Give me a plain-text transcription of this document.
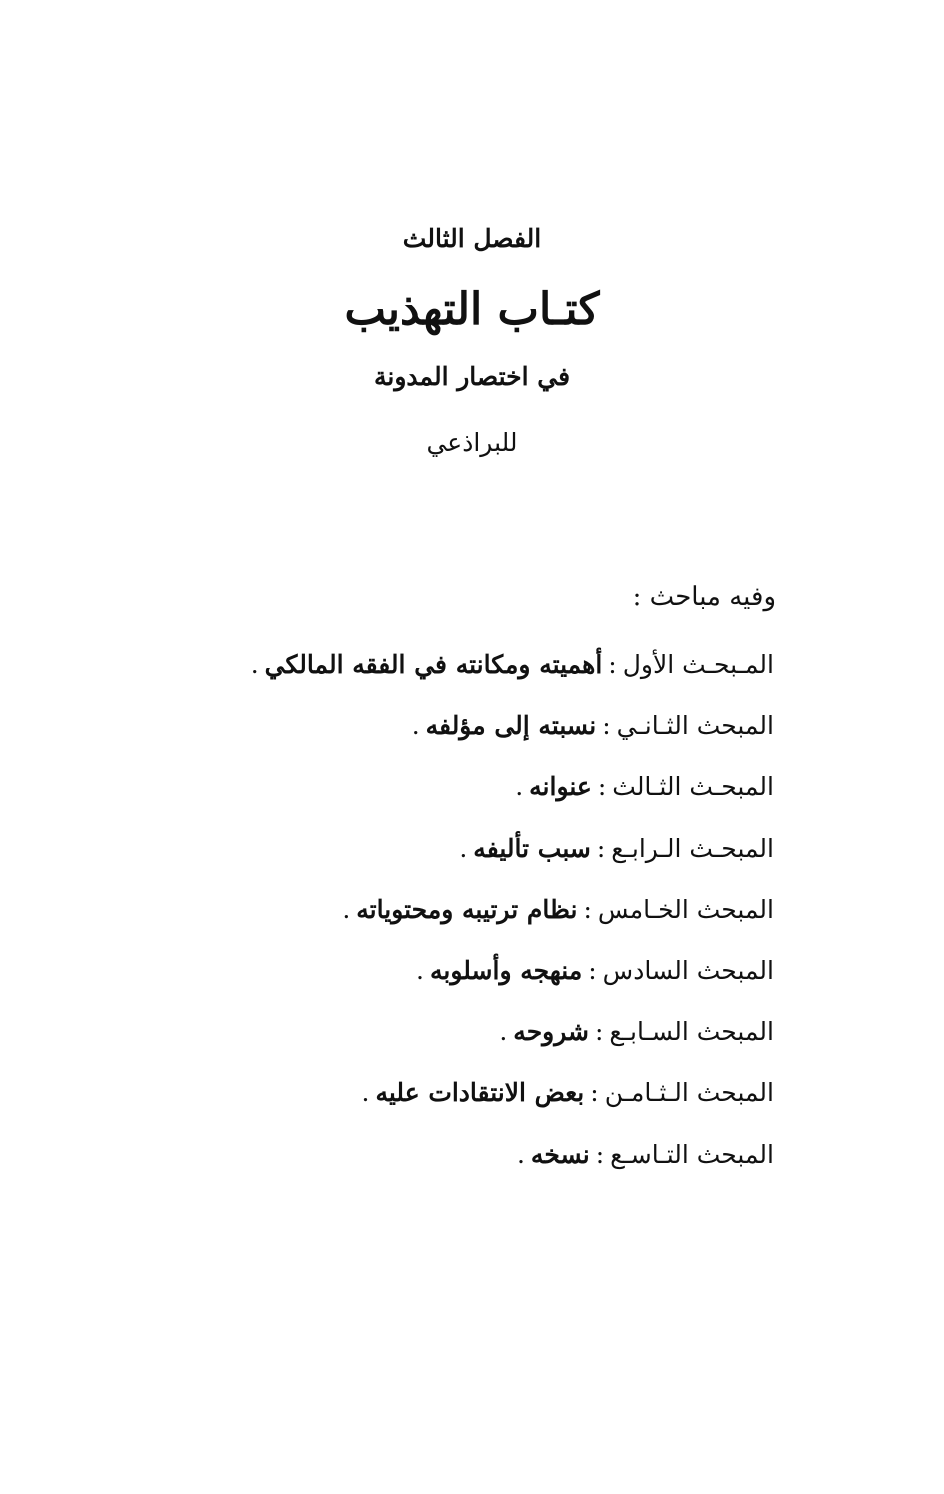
الفصل الثالث
كتـاب التهذيب
في اختصار المدونة
للبراذعي
وفيه مباحث :
المـبحـث الأول:أهميته ومكانته في الفقه المالكي.
المبحث الثـانـي:نسبته إلى مؤلفه.
المبحـث الثـالث:عنوانه.
المبحـث الـرابـع:سبب تأليفه.
المبحث الخـامس:نظام ترتيبه ومحتوياته.
المبحث السادس:منهجه وأسلوبه.
المبحث السـابـع:شروحه.
المبحث الـثـامـن:بعض الانتقادات عليه.
المبحث التـاسـع:نسخه.
